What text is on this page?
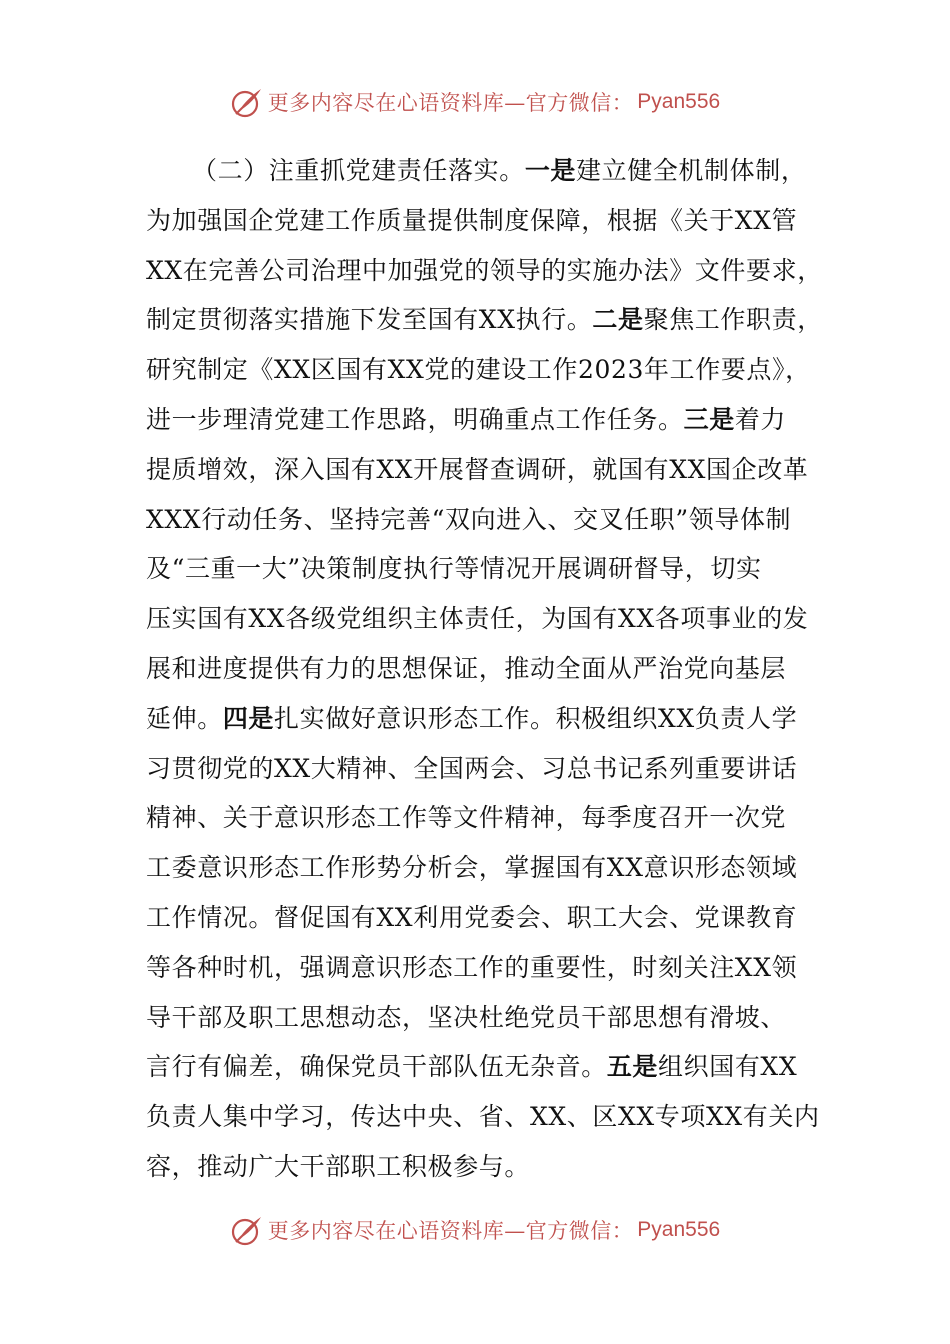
更多内容尽在心语资料库—官方微信： Pyan556
（二）注重抓党建责任落实。一是建立健全机制体制，
为加强国企党建工作质量提供制度保障，根据《关于XX管
XX在完善公司治理中加强党的领导的实施办法》文件要求，
制定贯彻落实措施下发至国有XX执行。二是聚焦工作职责，
研究制定《XX区国有XX党的建设工作2023年工作要点》，
进一步理清党建工作思路，明确重点工作任务。三是着力
提质增效，深入国有XX开展督查调研，就国有XX国企改革
XXX行动任务、坚持完善“双向进入、交叉任职”领导体制
及“三重一大”决策制度执行等情况开展调研督导，切实
压实国有XX各级党组织主体责任，为国有XX各项事业的发
展和进度提供有力的思想保证，推动全面从严治党向基层
延伸。四是扎实做好意识形态工作。积极组织XX负责人学
习贯彻党的XX大精神、全国两会、习总书记系列重要讲话
精神、关于意识形态工作等文件精神，每季度召开一次党
工委意识形态工作形势分析会，掌握国有XX意识形态领域
工作情况。督促国有XX利用党委会、职工大会、党课教育
等各种时机，强调意识形态工作的重要性，时刻关注XX领
导干部及职工思想动态，坚决杜绝党员干部思想有滑坡、
言行有偏差，确保党员干部队伍无杂音。五是组织国有XX
负责人集中学习，传达中央、省、XX、区XX专项XX有关内
容，推动广大干部职工积极参与。
更多内容尽在心语资料库—官方微信： Pyan556
